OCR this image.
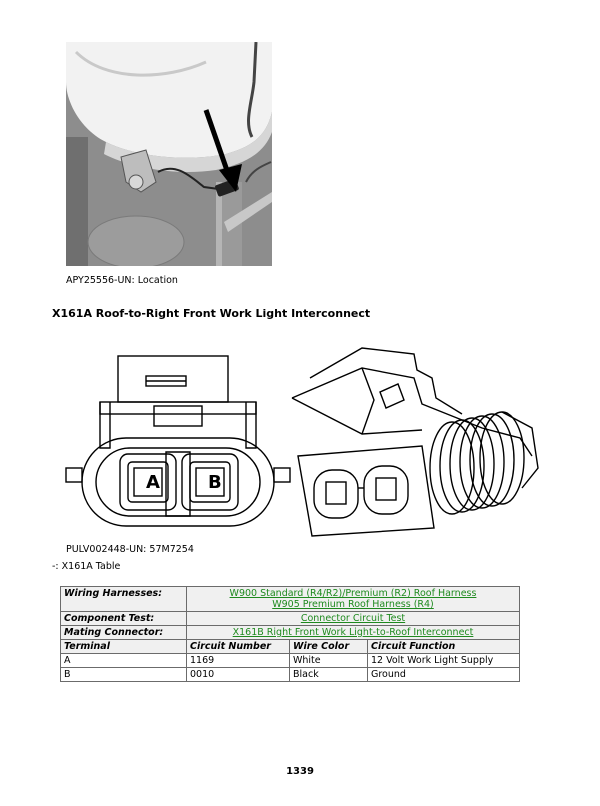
APY25556-UN: Location
X161A Roof-to-Right Front Work Light Interconnect
A	B
PULV002448-UN: 57M7254
-: X161A Table
Wiring Harnesses:	W900 Standard (R4/R2)/Premium (R2) Roof Harness
W905 Premium Roof Harness (R4)		
Component Test:	Connector Circuit Test		
Mating Connector:	X161B Right Front Work Light-to-Roof Interconnect		
Terminal	Circuit Number	Wire Color	Circuit Function
A	1169	White	12 Volt Work Light Supply
B	0010	Black	Ground
1339
